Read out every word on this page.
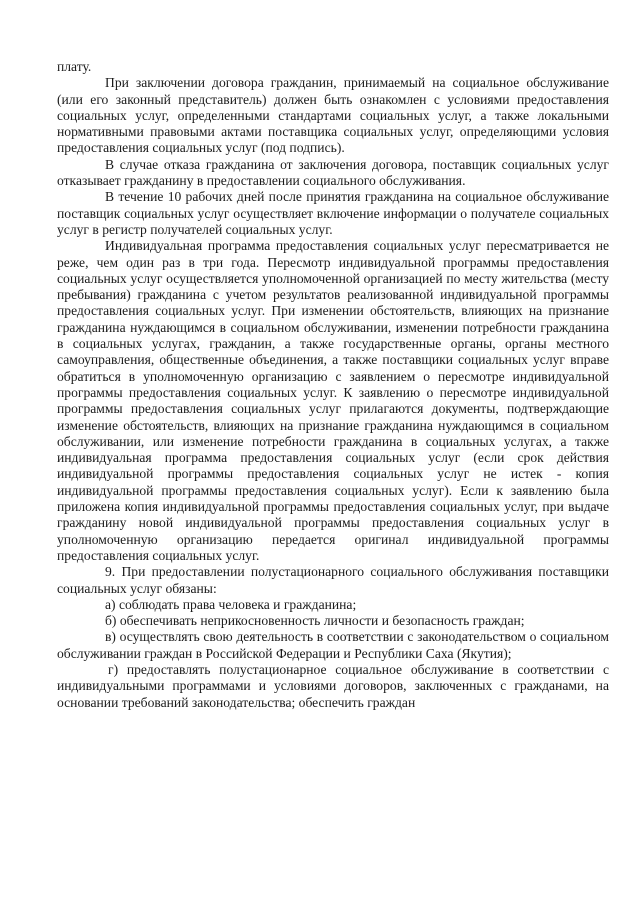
плату.

При заключении договора гражданин, принимаемый на социальное обслуживание (или его законный представитель) должен быть ознакомлен с условиями предоставления социальных услуг, определенными стандартами социальных услуг, а также локальными нормативными правовыми актами поставщика социальных услуг, определяющими условия предоставления социальных услуг (под подпись).

В случае отказа гражданина от заключения договора, поставщик социальных услуг отказывает гражданину в предоставлении социального обслуживания.

В течение 10 рабочих дней после принятия гражданина на социальное обслуживание поставщик социальных услуг осуществляет включение информации о получателе социальных услуг в регистр получателей социальных услуг.

Индивидуальная программа предоставления социальных услуг пересматривается не реже, чем один раз в три года. Пересмотр индивидуальной программы предоставления социальных услуг осуществляется уполномоченной организацией по месту жительства (месту пребывания) гражданина с учетом результатов реализованной индивидуальной программы предоставления социальных услуг. При изменении обстоятельств, влияющих на признание гражданина нуждающимся в социальном обслуживании, изменении потребности гражданина в социальных услугах, гражданин, а также государственные органы, органы местного самоуправления, общественные объединения, а также поставщики социальных услуг вправе обратиться в уполномоченную организацию с заявлением о пересмотре индивидуальной программы предоставления социальных услуг. К заявлению о пересмотре индивидуальной программы предоставления социальных услуг прилагаются документы, подтверждающие изменение обстоятельств, влияющих на признание гражданина нуждающимся в социальном обслуживании, или изменение потребности гражданина в социальных услугах, а также индивидуальная программа предоставления социальных услуг (если срок действия индивидуальной программы предоставления социальных услуг не истек - копия индивидуальной программы предоставления социальных услуг). Если к заявлению была приложена копия индивидуальной программы предоставления социальных услуг, при выдаче гражданину новой индивидуальной программы предоставления социальных услуг в уполномоченную организацию передается оригинал индивидуальной программы предоставления социальных услуг.

9. При предоставлении полустационарного социального обслуживания поставщики социальных услуг обязаны:

а) соблюдать права человека и гражданина;

б) обеспечивать неприкосновенность личности и безопасность граждан;

в) осуществлять свою деятельность в соответствии с законодательством о социальном обслуживании граждан в Российской Федерации и Республики Саха (Якутия);

г) предоставлять полустационарное социальное обслуживание в соответствии с индивидуальными программами и условиями договоров, заключенных с гражданами, на основании требований законодательства; обеспечить граждан
